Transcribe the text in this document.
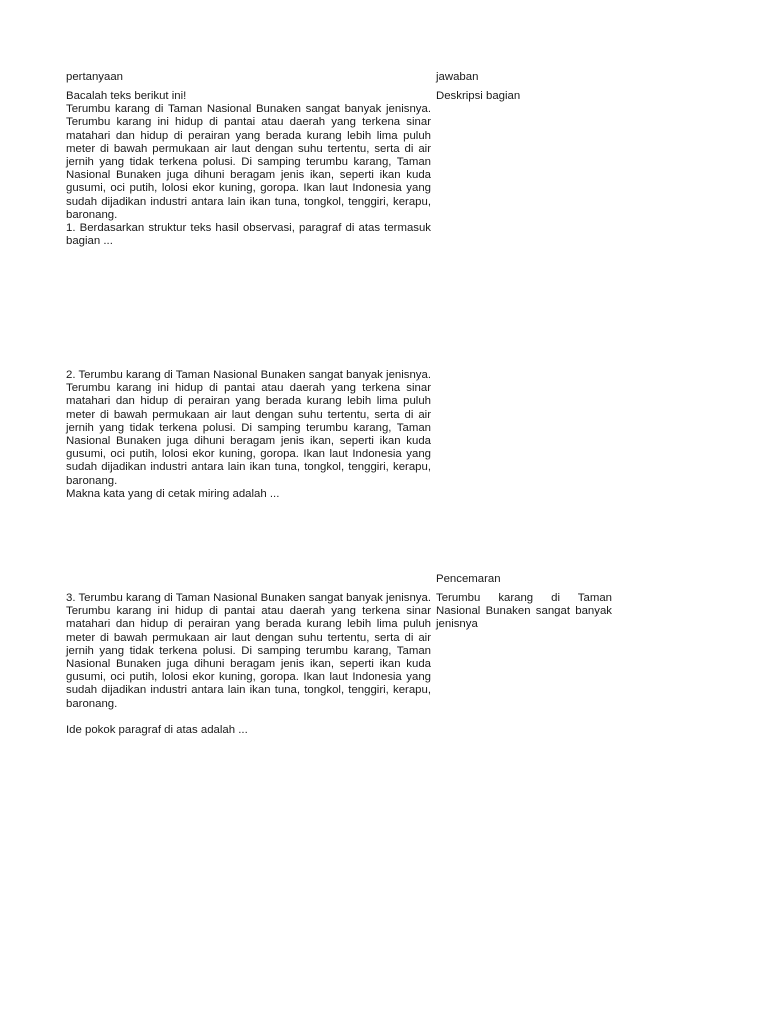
pertanyaan	jawaban
Bacalah teks berikut ini!
Terumbu karang di Taman Nasional Bunaken sangat banyak jenisnya. Terumbu karang ini hidup di pantai atau daerah yang terkena sinar matahari dan hidup di perairan yang berada kurang lebih lima puluh meter di bawah permukaan air laut dengan suhu tertentu, serta di air jernih yang tidak terkena polusi. Di samping terumbu karang, Taman Nasional Bunaken juga dihuni beragam jenis ikan, seperti ikan kuda gusumi, oci putih, lolosi ekor kuning, goropa. Ikan laut Indonesia yang sudah dijadikan industri antara lain ikan tuna, tongkol, tenggiri, kerapu, baronang.
1. Berdasarkan struktur teks hasil observasi, paragraf di atas termasuk bagian ...
Deskripsi bagian
2. Terumbu karang di Taman Nasional Bunaken sangat banyak jenisnya. Terumbu karang ini hidup di pantai atau daerah yang terkena sinar matahari dan hidup di perairan yang berada kurang lebih lima puluh meter di bawah permukaan air laut dengan suhu tertentu, serta di air jernih yang tidak terkena polusi. Di samping terumbu karang, Taman Nasional Bunaken juga dihuni beragam jenis ikan, seperti ikan kuda gusumi, oci putih, lolosi ekor kuning, goropa. Ikan laut Indonesia yang sudah dijadikan industri antara lain ikan tuna, tongkol, tenggiri, kerapu, baronang.
Makna kata yang di cetak miring adalah ...
Pencemaran
3. Terumbu karang di Taman Nasional Bunaken sangat banyak jenisnya. Terumbu karang ini hidup di pantai atau daerah yang terkena sinar matahari dan hidup di perairan yang berada kurang lebih lima puluh meter di bawah permukaan air laut dengan suhu tertentu, serta di air jernih yang tidak terkena polusi. Di samping terumbu karang, Taman Nasional Bunaken juga dihuni beragam jenis ikan, seperti ikan kuda gusumi, oci putih, lolosi ekor kuning, goropa. Ikan laut Indonesia yang sudah dijadikan industri antara lain ikan tuna, tongkol, tenggiri, kerapu, baronang.
Ide pokok paragraf di atas adalah ...
Terumbu karang di Taman Nasional Bunaken sangat banyak jenisnya
